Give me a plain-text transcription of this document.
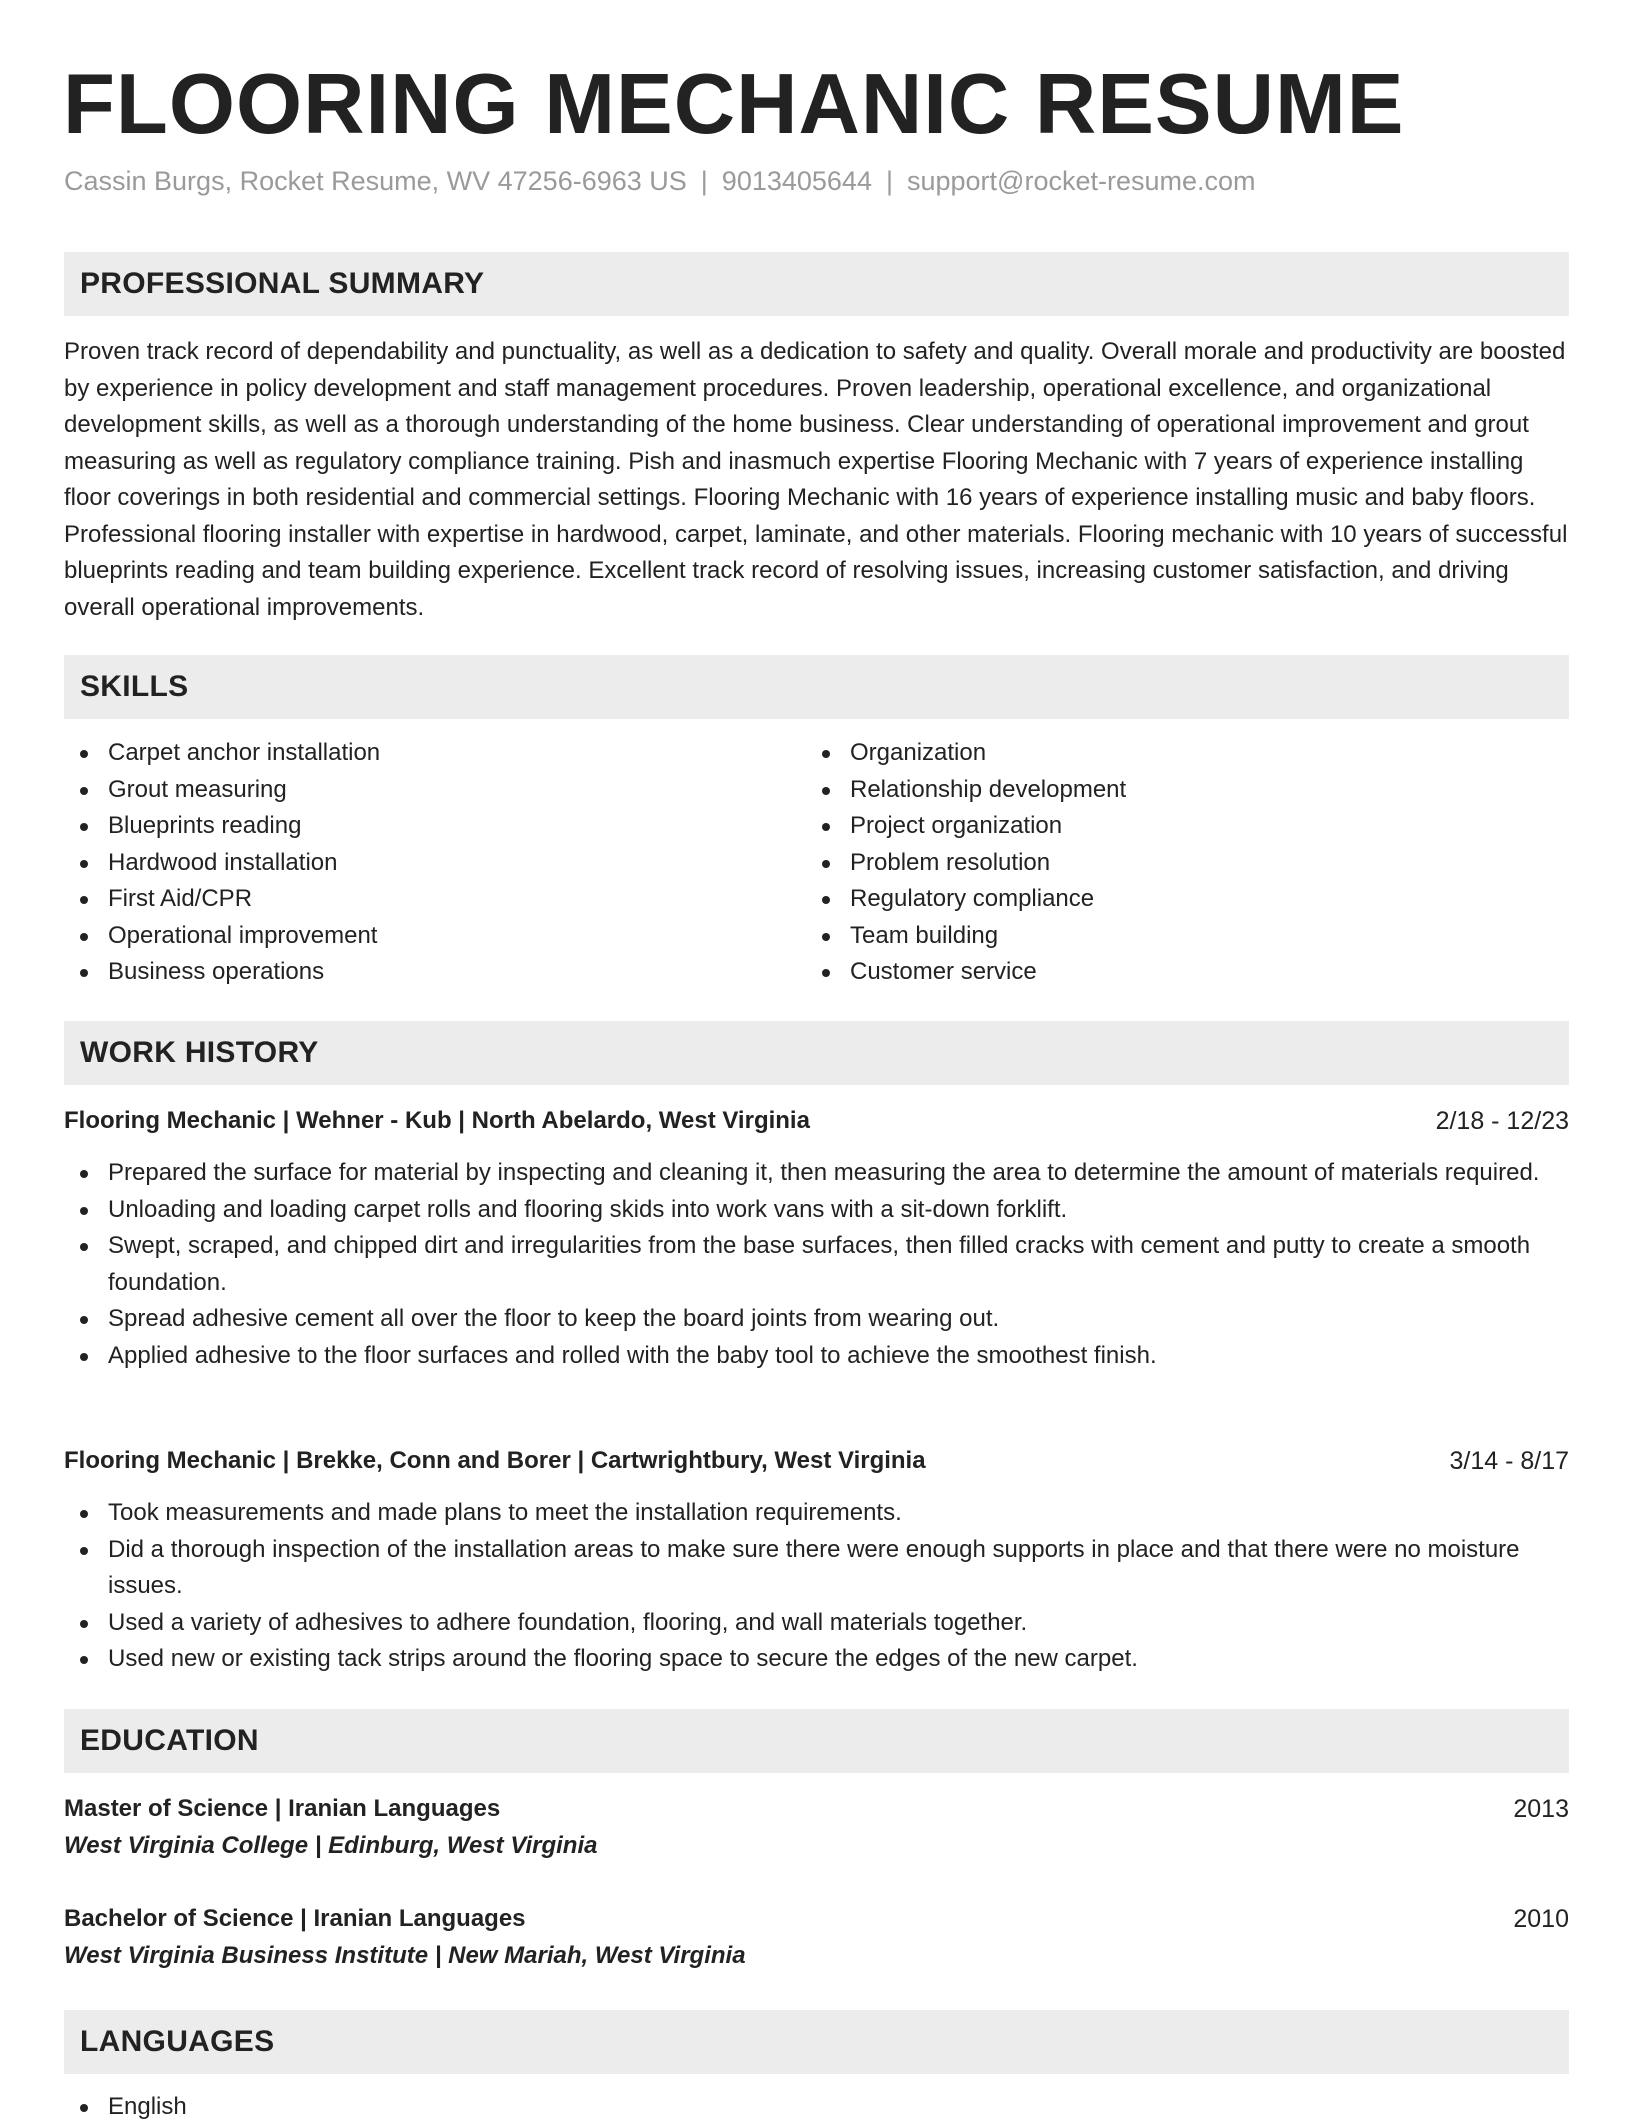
FLOORING MECHANIC RESUME
Cassin Burgs, Rocket Resume, WV 47256-6963 US | 9013405644 | support@rocket-resume.com
PROFESSIONAL SUMMARY

Proven track record of dependability and punctuality, as well as a dedication to safety and quality. Overall morale and productivity are boosted by experience in policy development and staff management procedures. Proven leadership, operational excellence, and organizational development skills, as well as a thorough understanding of the home business. Clear understanding of operational improvement and grout measuring as well as regulatory compliance training. Pish and inasmuch expertise Flooring Mechanic with 7 years of experience installing floor coverings in both residential and commercial settings. Flooring Mechanic with 16 years of experience installing music and baby floors. Professional flooring installer with expertise in hardwood, carpet, laminate, and other materials. Flooring mechanic with 10 years of successful blueprints reading and team building experience. Excellent track record of resolving issues, increasing customer satisfaction, and driving overall operational improvements.

SKILLS
Carpet anchor installation
Grout measuring
Blueprints reading
Hardwood installation
First Aid/CPR
Operational improvement
Business operations
Organization
Relationship development
Project organization
Problem resolution
Regulatory compliance
Team building
Customer service
WORK HISTORY
Flooring Mechanic | Wehner - Kub | North Abelardo, West Virginia	2/18 - 12/23
Prepared the surface for material by inspecting and cleaning it, then measuring the area to determine the amount of materials required.
Unloading and loading carpet rolls and flooring skids into work vans with a sit-down forklift.
Swept, scraped, and chipped dirt and irregularities from the base surfaces, then filled cracks with cement and putty to create a smooth foundation.
Spread adhesive cement all over the floor to keep the board joints from wearing out.
Applied adhesive to the floor surfaces and rolled with the baby tool to achieve the smoothest finish.
Flooring Mechanic | Brekke, Conn and Borer | Cartwrightbury, West Virginia	3/14 - 8/17
Took measurements and made plans to meet the installation requirements.
Did a thorough inspection of the installation areas to make sure there were enough supports in place and that there were no moisture issues.
Used a variety of adhesives to adhere foundation, flooring, and wall materials together.
Used new or existing tack strips around the flooring space to secure the edges of the new carpet.
EDUCATION
Master of Science | Iranian Languages	2013
West Virginia College | Edinburg, West Virginia
Bachelor of Science | Iranian Languages	2010
West Virginia Business Institute | New Mariah, West Virginia
LANGUAGES
English
